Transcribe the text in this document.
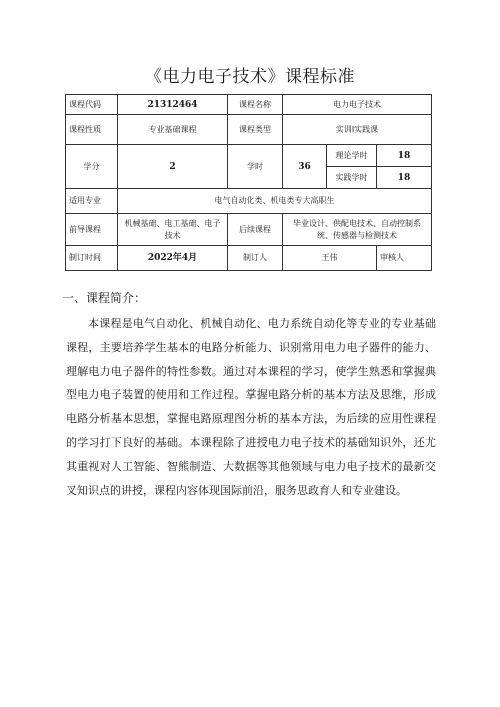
《电力电子技术》课程标准
课程代码	21312464	课程名称	电力电子技术		
课程性质	专业基础课程	课程类型	实训I实践课		
学分	2	学时	36	理论学时	18
				实践学时	18
适用专业	电气自动化类、机电类专大高职生				
前导课程	机械基础、电工基础、电子技术	后续课程	毕业设计、供配电技术、自动控制系统、传感器与检测技术		
制订时间	2022年4月	制订人	王伟		审核人
一、课程简介：

本课程是电气自动化、机械自动化、电力系统自动化等专业的专业基础课程，主要培养学生基本的电路分析能力、识别常用电力电子器件的能力、理解电力电子器件的特性参数。通过对本课程的学习，使学生熟悉和掌握典型电力电子装置的使用和工作过程。掌握电路分析的基本方法及思维，形成电路分析基本思想，掌握电路原理图分析的基本方法，为后续的应用性课程的学习打下良好的基础。本课程除了进授电力电子技术的基础知识外，还尤其重视对人工智能、智熊制造、大数据等其他领域与电力电子技术的最新交叉知识点的讲授，课程内容体现国际前沿，服务思政育人和专业建设。
